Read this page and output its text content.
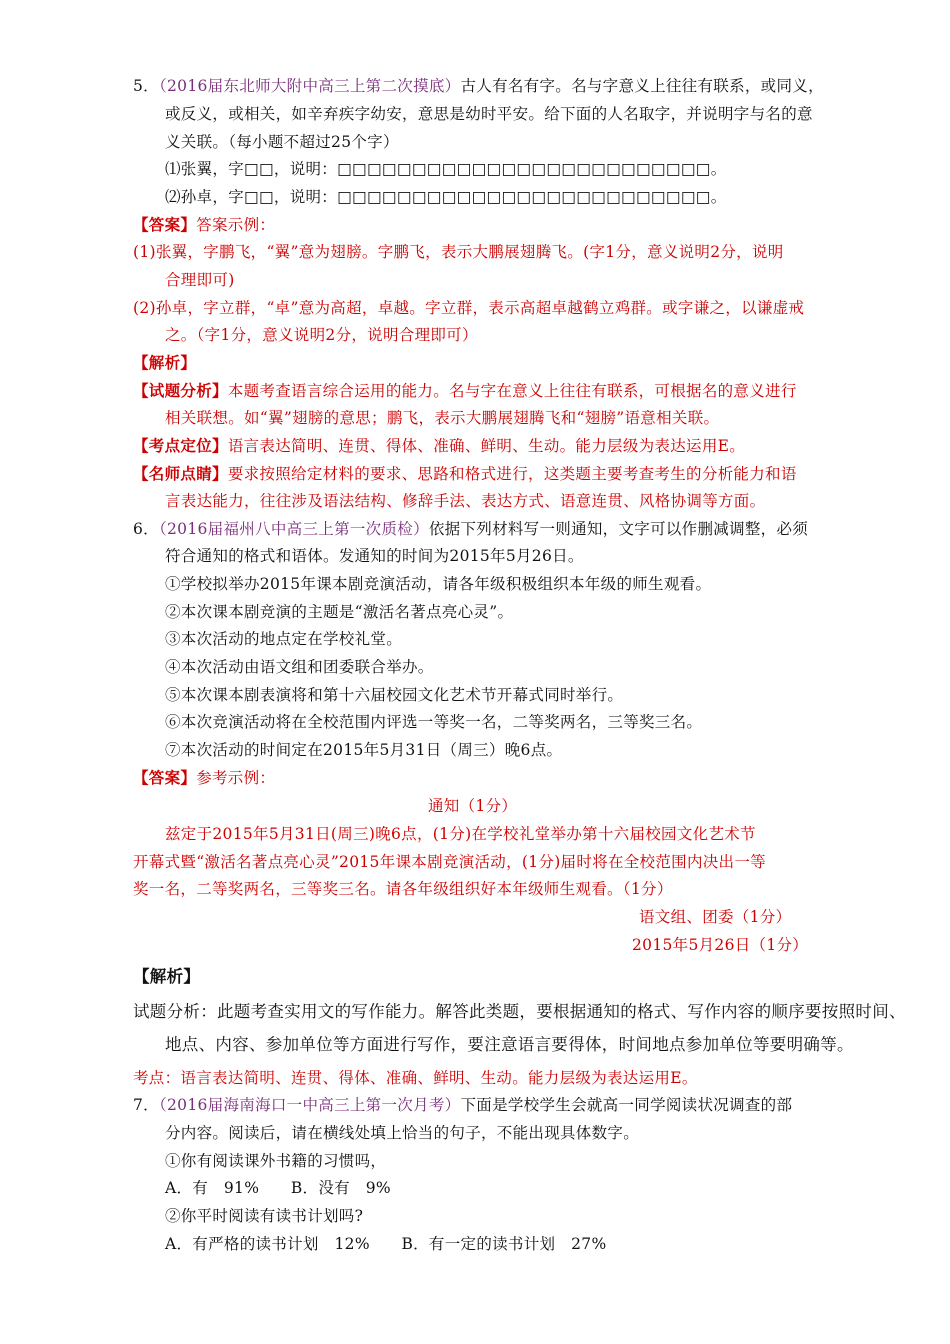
5．（2016届东北师大附中高三上第二次摸底）古人有名有字。名与字意义上往往有联系，或同义，
或反义，或相关，如辛弃疾字幼安，意思是幼时平安。给下面的人名取字，并说明字与名的意
义关联。（每小题不超过25个字）
⑴张翼，字□□，说明：□□□□□□□□□□□□□□□□□□□□□□□□□。
⑵孙卓，字□□，说明：□□□□□□□□□□□□□□□□□□□□□□□□□。
【答案】答案示例：
(1)张翼，字鹏飞，“翼”意为翅膀。字鹏飞，表示大鹏展翅腾飞。(字1分，意义说明2分，说明
合理即可)
(2)孙卓，字立群，“卓”意为高超，卓越。字立群，表示高超卓越鹤立鸡群。或字谦之，以谦虚戒
之。（字1分，意义说明2分，说明合理即可）
【解析】
【试题分析】本题考查语言综合运用的能力。名与字在意义上往往有联系，可根据名的意义进行
相关联想。如“翼”翅膀的意思；鹏飞，表示大鹏展翅腾飞和“翅膀”语意相关联。
【考点定位】语言表达简明、连贯、得体、准确、鲜明、生动。能力层级为表达运用E。
【名师点睛】要求按照给定材料的要求、思路和格式进行，这类题主要考查考生的分析能力和语
言表达能力，往往涉及语法结构、修辞手法、表达方式、语意连贯、风格协调等方面。
6．（2016届福州八中高三上第一次质检）依据下列材料写一则通知，文字可以作删减调整，必须
符合通知的格式和语体。发通知的时间为2015年5月26日。
①学校拟举办2015年课本剧竞演活动，请各年级积极组织本年级的师生观看。
②本次课本剧竞演的主题是“激活名著点亮心灵”。
③本次活动的地点定在学校礼堂。
④本次活动由语文组和团委联合举办。
⑤本次课本剧表演将和第十六届校园文化艺术节开幕式同时举行。
⑥本次竞演活动将在全校范围内评选一等奖一名，二等奖两名，三等奖三名。
⑦本次活动的时间定在2015年5月31日（周三）晚6点。
【答案】参考示例：
通知（1分）
兹定于2015年5月31日(周三)晚6点，(1分)在学校礼堂举办第十六届校园文化艺术节
开幕式暨“激活名著点亮心灵”2015年课本剧竞演活动，(1分)届时将在全校范围内决出一等
奖一名，二等奖两名，三等奖三名。请各年级组织好本年级师生观看。（1分）
语文组、团委（1分）
2015年5月26日（1分）
【解析】
试题分析：此题考查实用文的写作能力。解答此类题，要根据通知的格式、写作内容的顺序要按照时间、
地点、内容、参加单位等方面进行写作，要注意语言要得体，时间地点参加单位等要明确等。
考点：语言表达简明、连贯、得体、准确、鲜明、生动。能力层级为表达运用E。
7．（2016届海南海口一中高三上第一次月考）下面是学校学生会就高一同学阅读状况调查的部
分内容。阅读后，请在横线处填上恰当的句子，不能出现具体数字。
①你有阅读课外书籍的习惯吗，
A．有　91%　　B．没有　9%
②你平时阅读有读书计划吗?
A．有严格的读书计划　12%　　B．有一定的读书计划　27%
